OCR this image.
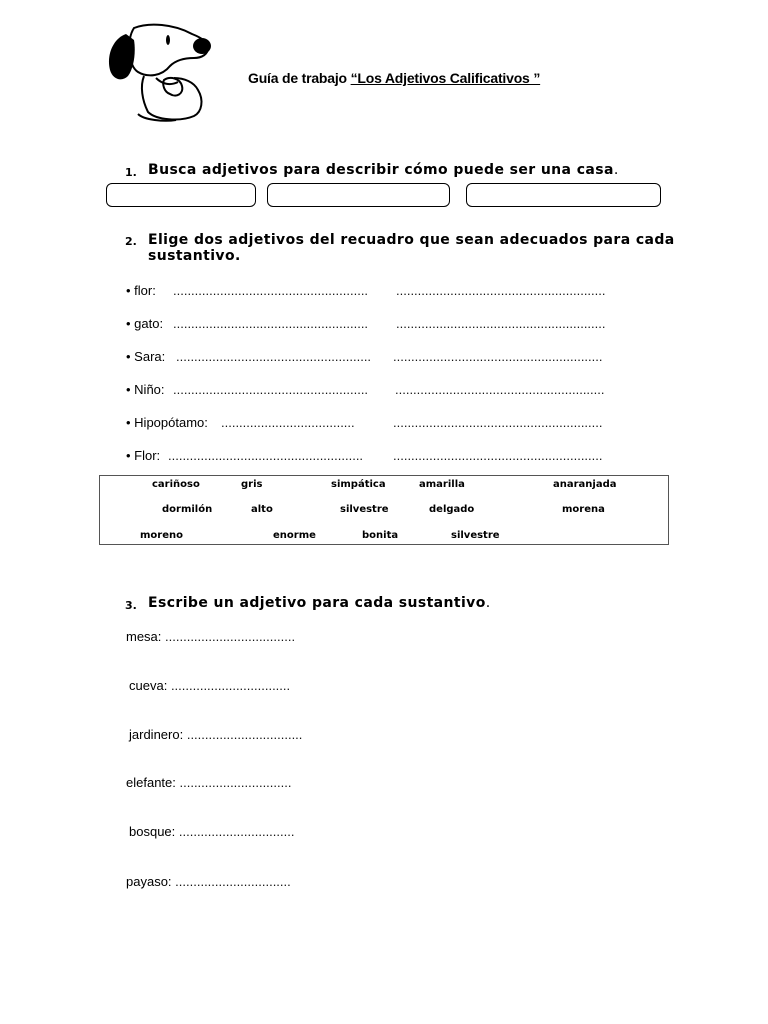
Guía de trabajo “Los Adjetivos Calificativos ”
1. Busca adjetivos para describir cómo puede ser una casa.
2. Elige dos adjetivos del recuadro que sean adecuados para cada
sustantivo.
• flor: ...................................................... ..........................................................
• gato: ...................................................... ..........................................................
• Sara: ...................................................... ..........................................................
• Niño: ...................................................... ..........................................................
• Hipopótamo: .....................................	..........................................................
• Flor: ...................................................... ..........................................................
cariñoso	gris	simpática	amarilla	anaranjada
dormilón	alto	silvestre	delgado	morena
moreno	enorme	bonita	silvestre
3. Escribe un adjetivo para cada sustantivo.
mesa: ....................................
cueva: .................................
jardinero: ................................
elefante: ...............................
bosque: ................................
payaso: ................................
